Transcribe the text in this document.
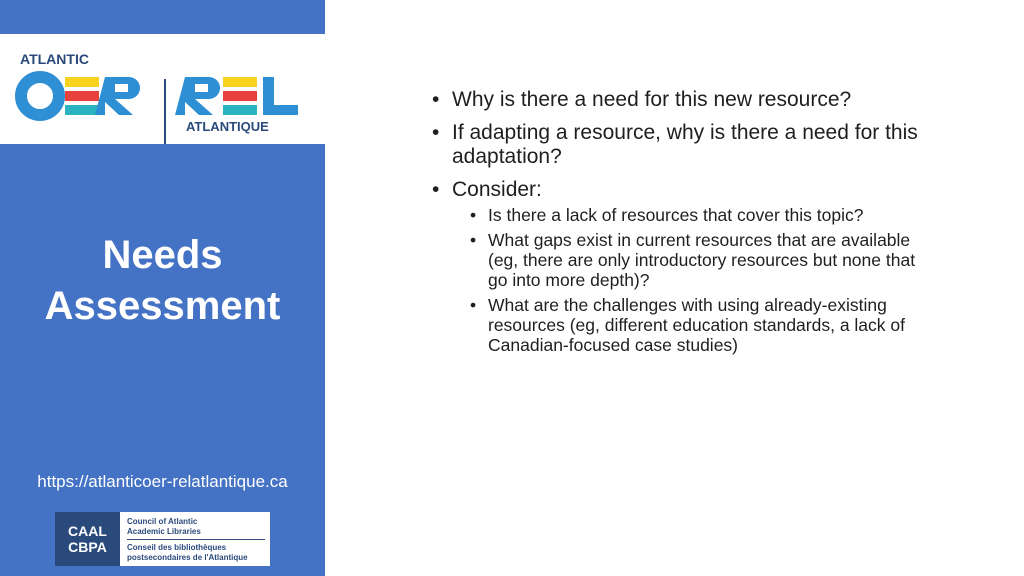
ATLANTIC
ATLANTIQUE
Needs
Assessment
https://atlanticoer-relatlantique.ca
CAAL
CBPA
Council of Atlantic
Academic Libraries
Conseil des bibliothèques
postsecondaires de l'Atlantique
• Why is there a need for this new resource?
• If adapting a resource, why is there a need for this adaptation?
• Consider:
• Is there a lack of resources that cover this topic?
• What gaps exist in current resources that are available (eg, there are only introductory resources but none that go into more depth)?
• What are the challenges with using already-existing resources (eg, different education standards, a lack of Canadian-focused case studies)
